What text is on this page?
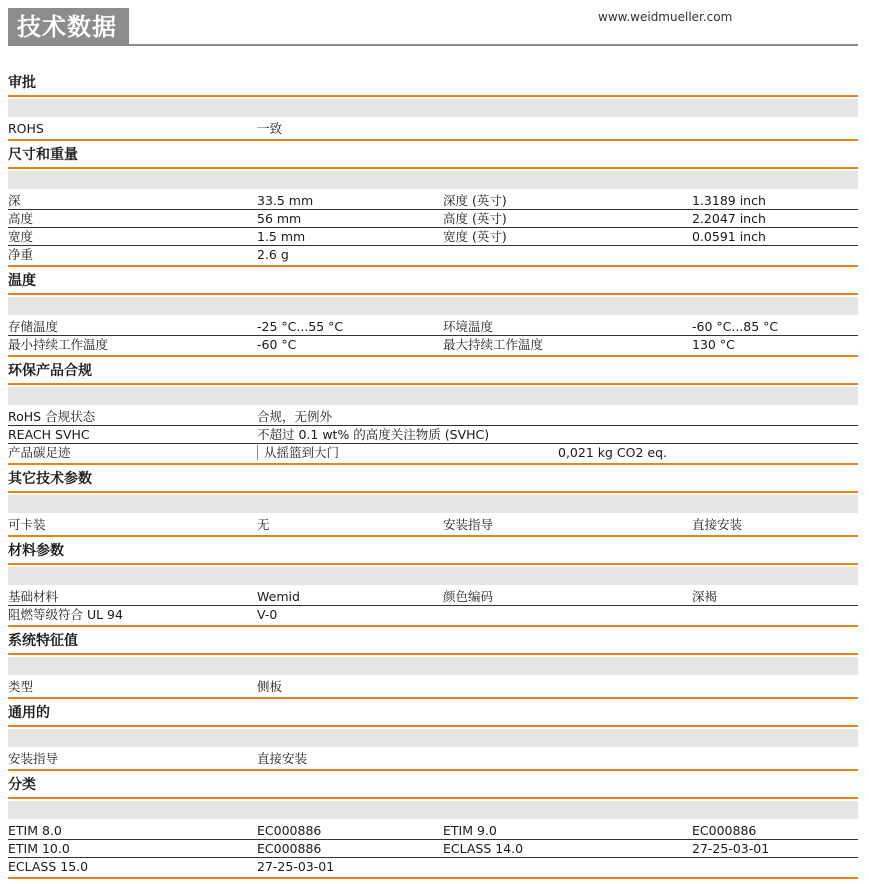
技术数据	www.weidmueller.com
审批
ROHS	一致
尺寸和重量
深	33.5 mm	深度 (英寸)	1.3189 inch
高度	56 mm	高度 (英寸)	2.2047 inch
宽度	1.5 mm	宽度 (英寸)	0.0591 inch
净重	2.6 g
温度
存储温度	-25 °C...55 °C	环境温度	-60 °C...85 °C
最小持续工作温度	-60 °C	最大持续工作温度	130 °C
环保产品合规
RoHS 合规状态	合规，无例外
REACH SVHC	不超过 0.1 wt% 的高度关注物质 (SVHC)
产品碳足迹	从摇篮到大门	0,021 kg CO2 eq.
其它技术参数
可卡装	无	安装指导	直接安装
材料参数
基础材料	Wemid	颜色编码	深褐
阻燃等级符合 UL 94	V-0
系统特征值
类型	侧板
通用的
安装指导	直接安装
分类
ETIM 8.0	EC000886	ETIM 9.0	EC000886
ETIM 10.0	EC000886	ECLASS 14.0	27-25-03-01
ECLASS 15.0	27-25-03-01
